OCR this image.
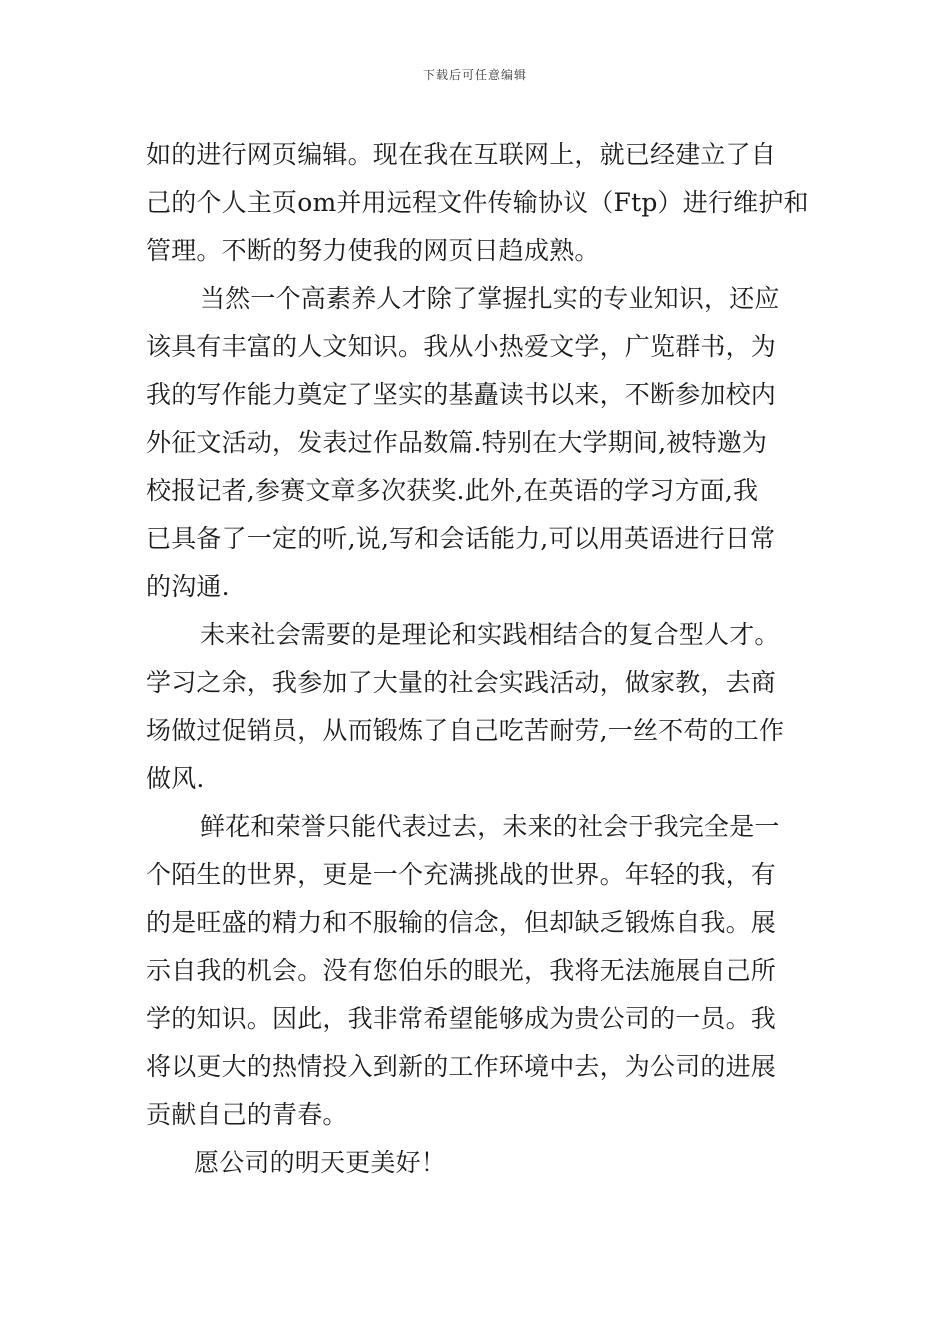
下载后可任意编辑
如的进行网页编辑。现在我在互联网上，就已经建立了自
己的个人主页om并用远程文件传输协议（Ftp）进行维护和
管理。不断的努力使我的网页日趋成熟。
当然一个高素养人才除了掌握扎实的专业知识，还应
该具有丰富的人文知识。我从小热爱文学，广览群书，为
我的写作能力奠定了坚实的基矗读书以来，不断参加校内
外征文活动，发表过作品数篇.特别在大学期间,被特邀为
校报记者,参赛文章多次获奖.此外,在英语的学习方面,我
已具备了一定的听,说,写和会话能力,可以用英语进行日常
的沟通.
未来社会需要的是理论和实践相结合的复合型人才。
学习之余，我参加了大量的社会实践活动，做家教，去商
场做过促销员，从而锻炼了自己吃苦耐劳,一丝不苟的工作
做风.
鲜花和荣誉只能代表过去，未来的社会于我完全是一
个陌生的世界，更是一个充满挑战的世界。年轻的我，有
的是旺盛的精力和不服输的信念，但却缺乏锻炼自我。展
示自我的机会。没有您伯乐的眼光，我将无法施展自己所
学的知识。因此，我非常希望能够成为贵公司的一员。我
将以更大的热情投入到新的工作环境中去，为公司的进展
贡献自己的青春。
愿公司的明天更美好！
